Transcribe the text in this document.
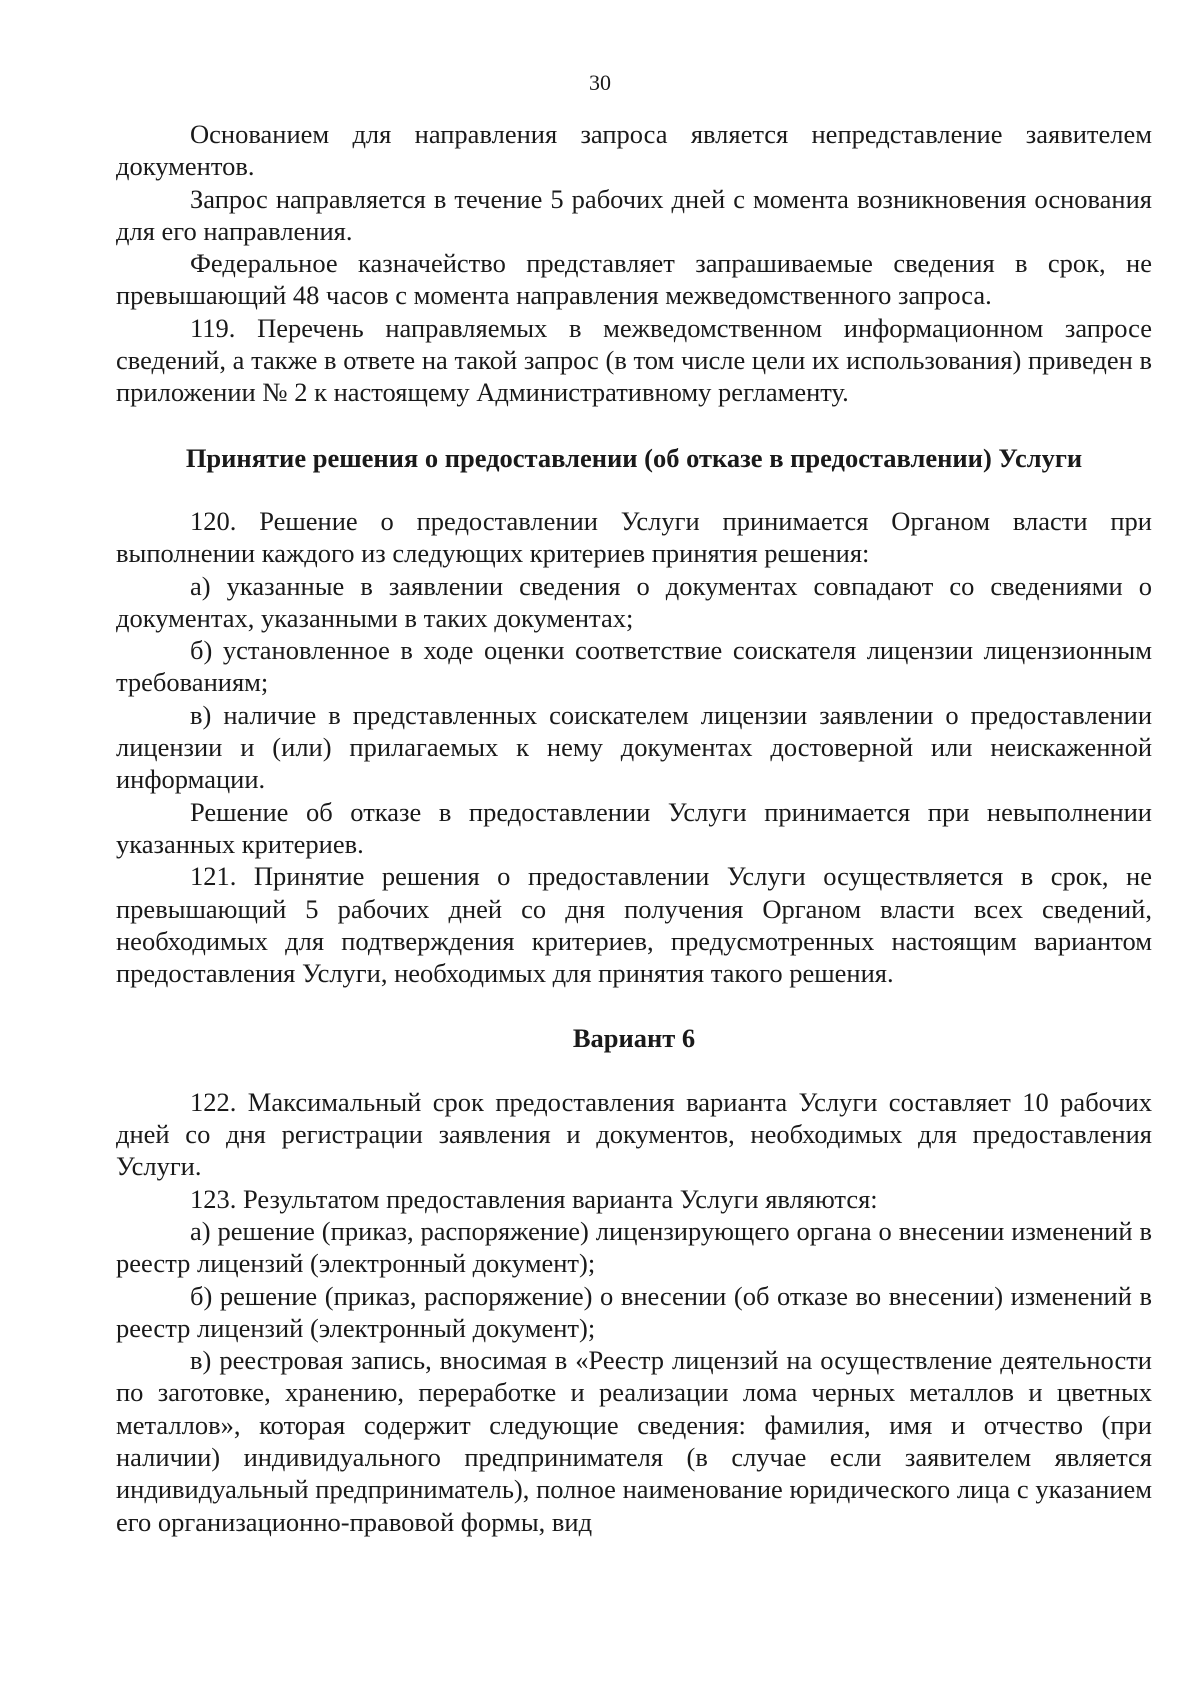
30

Основанием для направления запроса является непредставление заявителем документов.

Запрос направляется в течение 5 рабочих дней с момента возникновения основания для его направления.

Федеральное казначейство представляет запрашиваемые сведения в срок, не превышающий 48 часов с момента направления межведомственного запроса.

119. Перечень направляемых в межведомственном информационном запросе сведений, а также в ответе на такой запрос (в том числе цели их использования) приведен в приложении № 2 к настоящему Административному регламенту.

Принятие решения о предоставлении (об отказе в предоставлении) Услуги

120. Решение о предоставлении Услуги принимается Органом власти при выполнении каждого из следующих критериев принятия решения:

а) указанные в заявлении сведения о документах совпадают со сведениями о документах, указанными в таких документах;

б) установленное в ходе оценки соответствие соискателя лицензии лицензионным требованиям;

в) наличие в представленных соискателем лицензии заявлении о предоставлении лицензии и (или) прилагаемых к нему документах достоверной или неискаженной информации.

Решение об отказе в предоставлении Услуги принимается при невыполнении указанных критериев.

121. Принятие решения о предоставлении Услуги осуществляется в срок, не превышающий 5 рабочих дней со дня получения Органом власти всех сведений, необходимых для подтверждения критериев, предусмотренных настоящим вариантом предоставления Услуги, необходимых для принятия такого решения.

Вариант 6

122. Максимальный срок предоставления варианта Услуги составляет 10 рабочих дней со дня регистрации заявления и документов, необходимых для предоставления Услуги.

123. Результатом предоставления варианта Услуги являются:

а) решение (приказ, распоряжение) лицензирующего органа о внесении изменений в реестр лицензий (электронный документ);

б) решение (приказ, распоряжение) о внесении (об отказе во внесении) изменений в реестр лицензий (электронный документ);

в) реестровая запись, вносимая в «Реестр лицензий на осуществление деятельности по заготовке, хранению, переработке и реализации лома черных металлов и цветных металлов», которая содержит следующие сведения: фамилия, имя и отчество (при наличии) индивидуального предпринимателя (в случае если заявителем является индивидуальный предприниматель), полное наименование юридического лица с указанием его организационно-правовой формы, вид
